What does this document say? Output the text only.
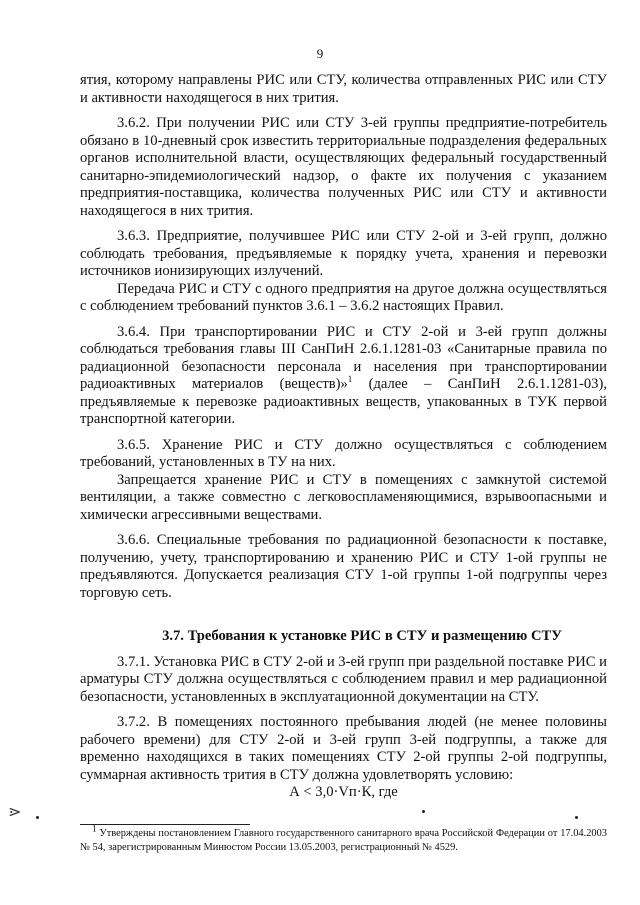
9

ятия, которому направлены РИС или СТУ, количества отправленных РИС или СТУ и активности находящегося в них трития.

3.6.2. При получении РИС или СТУ 3-ей группы предприятие-потребитель обязано в 10-дневный срок известить территориальные подразделения федеральных органов исполнительной власти, осуществляющих федеральный государственный санитарно-эпидемиологический надзор, о факте их получения с указанием предприятия-поставщика, количества полученных РИС или СТУ и активности находящегося в них трития.

3.6.3. Предприятие, получившее РИС или СТУ 2-ой и 3-ей групп, должно соблюдать требования, предъявляемые к порядку учета, хранения и перевозки источников ионизирующих излучений.

Передача РИС и СТУ с одного предприятия на другое должна осуществляться с соблюдением требований пунктов 3.6.1 – 3.6.2 настоящих Правил.

3.6.4. При транспортировании РИС и СТУ 2-ой и 3-ей групп должны соблюдаться требования главы III СанПиН 2.6.1.1281-03 «Санитарные правила по радиационной безопасности персонала и населения при транспортировании радиоактивных материалов (веществ)»$^1$ (далее – СанПиН 2.6.1.1281-03), предъявляемые к перевозке радиоактивных веществ, упакованных в ТУК первой транспортной категории.

3.6.5. Хранение РИС и СТУ должно осуществляться с соблюдением требований, установленных в ТУ на них.

Запрещается хранение РИС и СТУ в помещениях с замкнутой системой вентиляции, а также совместно с легковоспламеняющимися, взрывоопасными и химически агрессивными веществами.

3.6.6. Специальные требования по радиационной безопасности к поставке, получению, учету, транспортированию и хранению РИС и СТУ 1-ой группы не предъявляются. Допускается реализация СТУ 1-ой группы 1-ой подгруппы через торговую сеть.

3.7. Требования к установке РИС в СТУ и размещению СТУ

3.7.1. Установка РИС в СТУ 2-ой и 3-ей групп при раздельной поставке РИС и арматуры СТУ должна осуществляться с соблюдением правил и мер радиационной безопасности, установленных в эксплуатационной документации на СТУ.

3.7.2. В помещениях постоянного пребывания людей (не менее половины рабочего времени) для СТУ 2-ой и 3-ей групп 3-ей подгруппы, а также для временно находящихся в таких помещениях СТУ 2-ой группы 2-ой подгруппы, суммарная активность трития в СТУ должна удовлетворять условию:

А < 3,0·Vп·К, где

$^1$ Утверждены постановлением Главного государственного санитарного врача Российской Федерации от 17.04.2003 № 54, зарегистрированным Минюстом России 13.05.2003, регистрационный № 4529.

⋗
